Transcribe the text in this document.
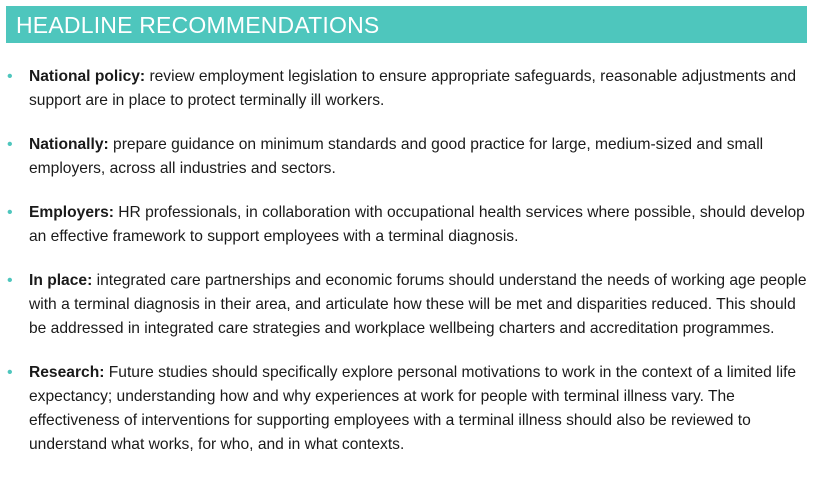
HEADLINE RECOMMENDATIONS
• National policy: review employment legislation to ensure appropriate safeguards, reasonable adjustments and support are in place to protect terminally ill workers.
• Nationally: prepare guidance on minimum standards and good practice for large, medium-sized and small employers, across all industries and sectors.
• Employers: HR professionals, in collaboration with occupational health services where possible, should develop an effective framework to support employees with a terminal diagnosis.
• In place: integrated care partnerships and economic forums should understand the needs of working age people with a terminal diagnosis in their area, and articulate how these will be met and disparities reduced. This should be addressed in integrated care strategies and workplace wellbeing charters and accreditation programmes.
• Research: Future studies should specifically explore personal motivations to work in the context of a limited life expectancy; understanding how and why experiences at work for people with terminal illness vary. The effectiveness of interventions for supporting employees with a terminal illness should also be reviewed to understand what works, for who, and in what contexts.
